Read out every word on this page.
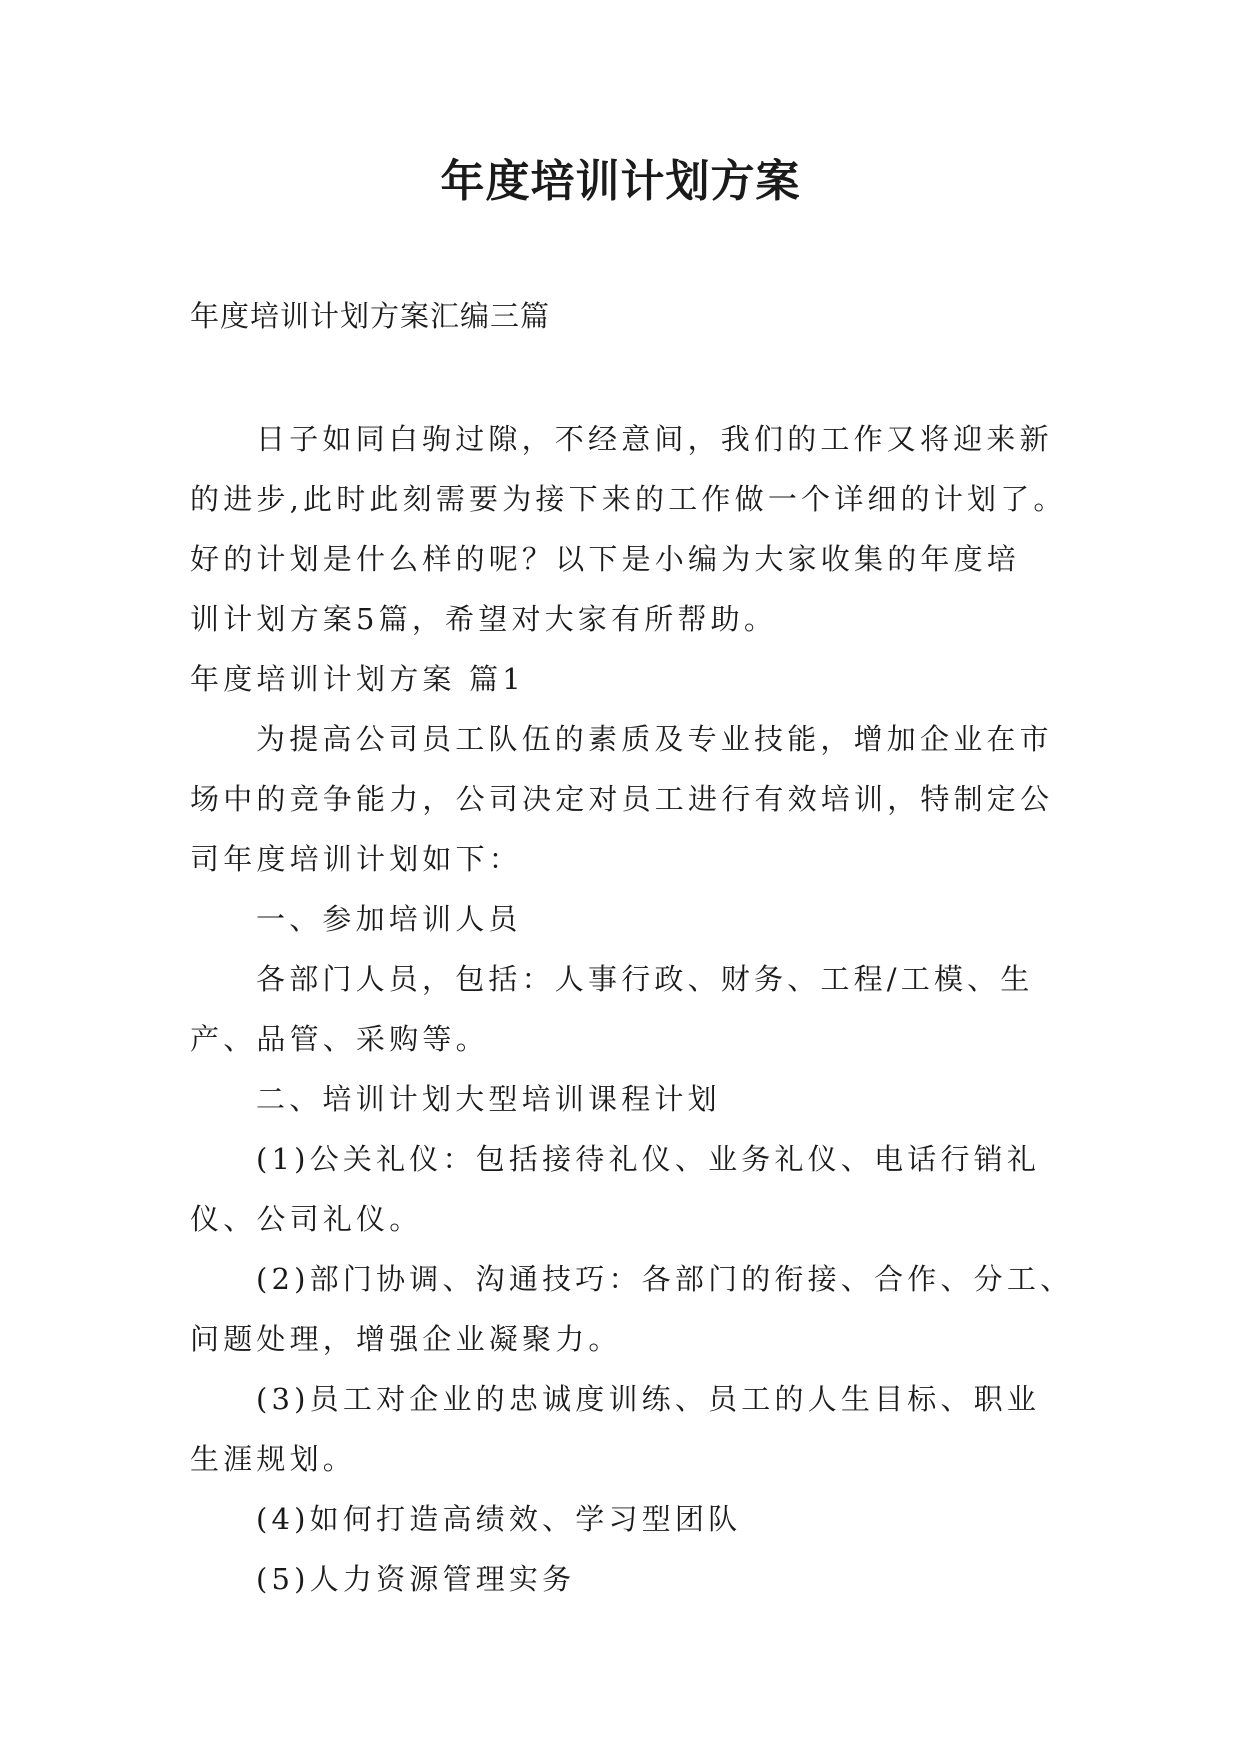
年度培训计划方案
年度培训计划方案汇编三篇

日子如同白驹过隙，不经意间，我们的工作又将迎来新

的进步,此时此刻需要为接下来的工作做一个详细的计划了。

好的计划是什么样的呢？以下是小编为大家收集的年度培

训计划方案5篇，希望对大家有所帮助。

年度培训计划方案 篇1

为提高公司员工队伍的素质及专业技能，增加企业在市

场中的竞争能力，公司决定对员工进行有效培训，特制定公

司年度培训计划如下：

一、参加培训人员

各部门人员，包括：人事行政、财务、工程/工模、生

产、品管、采购等。

二、培训计划大型培训课程计划

(1)公关礼仪：包括接待礼仪、业务礼仪、电话行销礼

仪、公司礼仪。

(2)部门协调、沟通技巧：各部门的衔接、合作、分工、

问题处理，增强企业凝聚力。

(3)员工对企业的忠诚度训练、员工的人生目标、职业

生涯规划。

(4)如何打造高绩效、学习型团队

(5)人力资源管理实务
